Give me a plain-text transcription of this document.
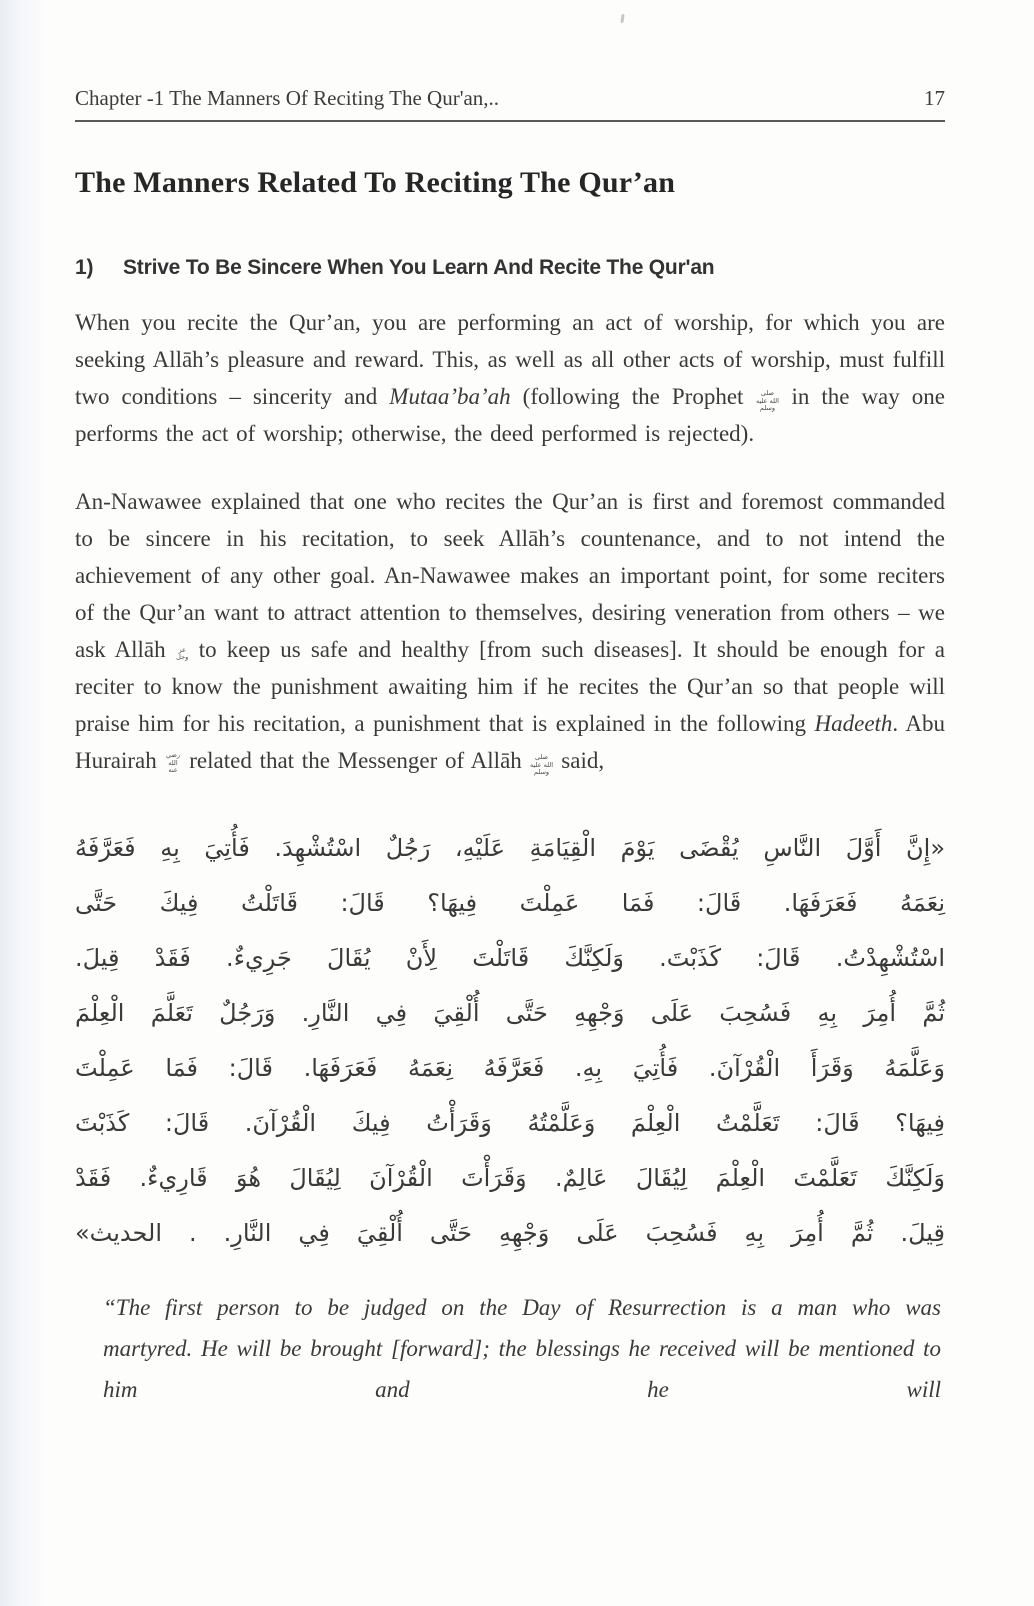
Chapter -1 The Manners Of Reciting The Qur'an,..	17
The Manners Related To Reciting The Qur’an
1)	Strive To Be Sincere When You Learn And Recite The Qur'an

When you recite the Qur’an, you are performing an act of worship, for which you are seeking Allāh’s pleasure and reward. This, as well as all other acts of worship, must fulfill two conditions – sincerity and Mutaa’ba’ah (following the Prophet صلى الله عليه وسلم in the way one performs the act of worship; otherwise, the deed performed is rejected).

An-Nawawee explained that one who recites the Qur’an is first and foremost commanded to be sincere in his recitation, to seek Allāh’s countenance, and to not intend the achievement of any other goal. An-Nawawee makes an important point, for some reciters of the Qur’an want to attract attention to themselves, desiring veneration from others – we ask Allāh عز وجل to keep us safe and healthy [from such diseases]. It should be enough for a reciter to know the punishment awaiting him if he recites the Qur’an so that people will praise him for his recitation, a punishment that is explained in the following Hadeeth. Abu Hurairah رضي الله عنه related that the Messenger of Allāh صلى الله عليه وسلم said,

«إِنَّ أَوَّلَ النَّاسِ يُقْضَى يَوْمَ الْقِيَامَةِ عَلَيْهِ، رَجُلٌ اسْتُشْهِدَ. فَأُتِيَ بِهِ فَعَرَّفَهُ
نِعَمَهُ فَعَرَفَهَا. قَالَ: فَمَا عَمِلْتَ فِيهَا؟ قَالَ: قَاتَلْتُ فِيكَ حَتَّى
اسْتُشْهِدْتُ. قَالَ: كَذَبْتَ. وَلَكِنَّكَ قَاتَلْتَ لِأَنْ يُقَالَ جَرِيءٌ. فَقَدْ قِيلَ.
ثُمَّ أُمِرَ بِهِ فَسُحِبَ عَلَى وَجْهِهِ حَتَّى أُلْقِيَ فِي النَّارِ. وَرَجُلٌ تَعَلَّمَ الْعِلْمَ
وَعَلَّمَهُ وَقَرَأَ الْقُرْآنَ. فَأُتِيَ بِهِ. فَعَرَّفَهُ نِعَمَهُ فَعَرَفَهَا. قَالَ: فَمَا عَمِلْتَ
فِيهَا؟ قَالَ: تَعَلَّمْتُ الْعِلْمَ وَعَلَّمْتُهُ وَقَرَأْتُ فِيكَ الْقُرْآنَ. قَالَ: كَذَبْتَ
وَلَكِنَّكَ تَعَلَّمْتَ الْعِلْمَ لِيُقَالَ عَالِمٌ. وَقَرَأْتَ الْقُرْآنَ لِيُقَالَ هُوَ قَارِيءٌ. فَقَدْ
قِيلَ. ثُمَّ أُمِرَ بِهِ فَسُحِبَ عَلَى وَجْهِهِ حَتَّى أُلْقِيَ فِي النَّارِ. . الحديث»

“The first person to be judged on the Day of Resurrection is a man who was martyred. He will be brought [forward]; the blessings he received will be mentioned to him and he will
